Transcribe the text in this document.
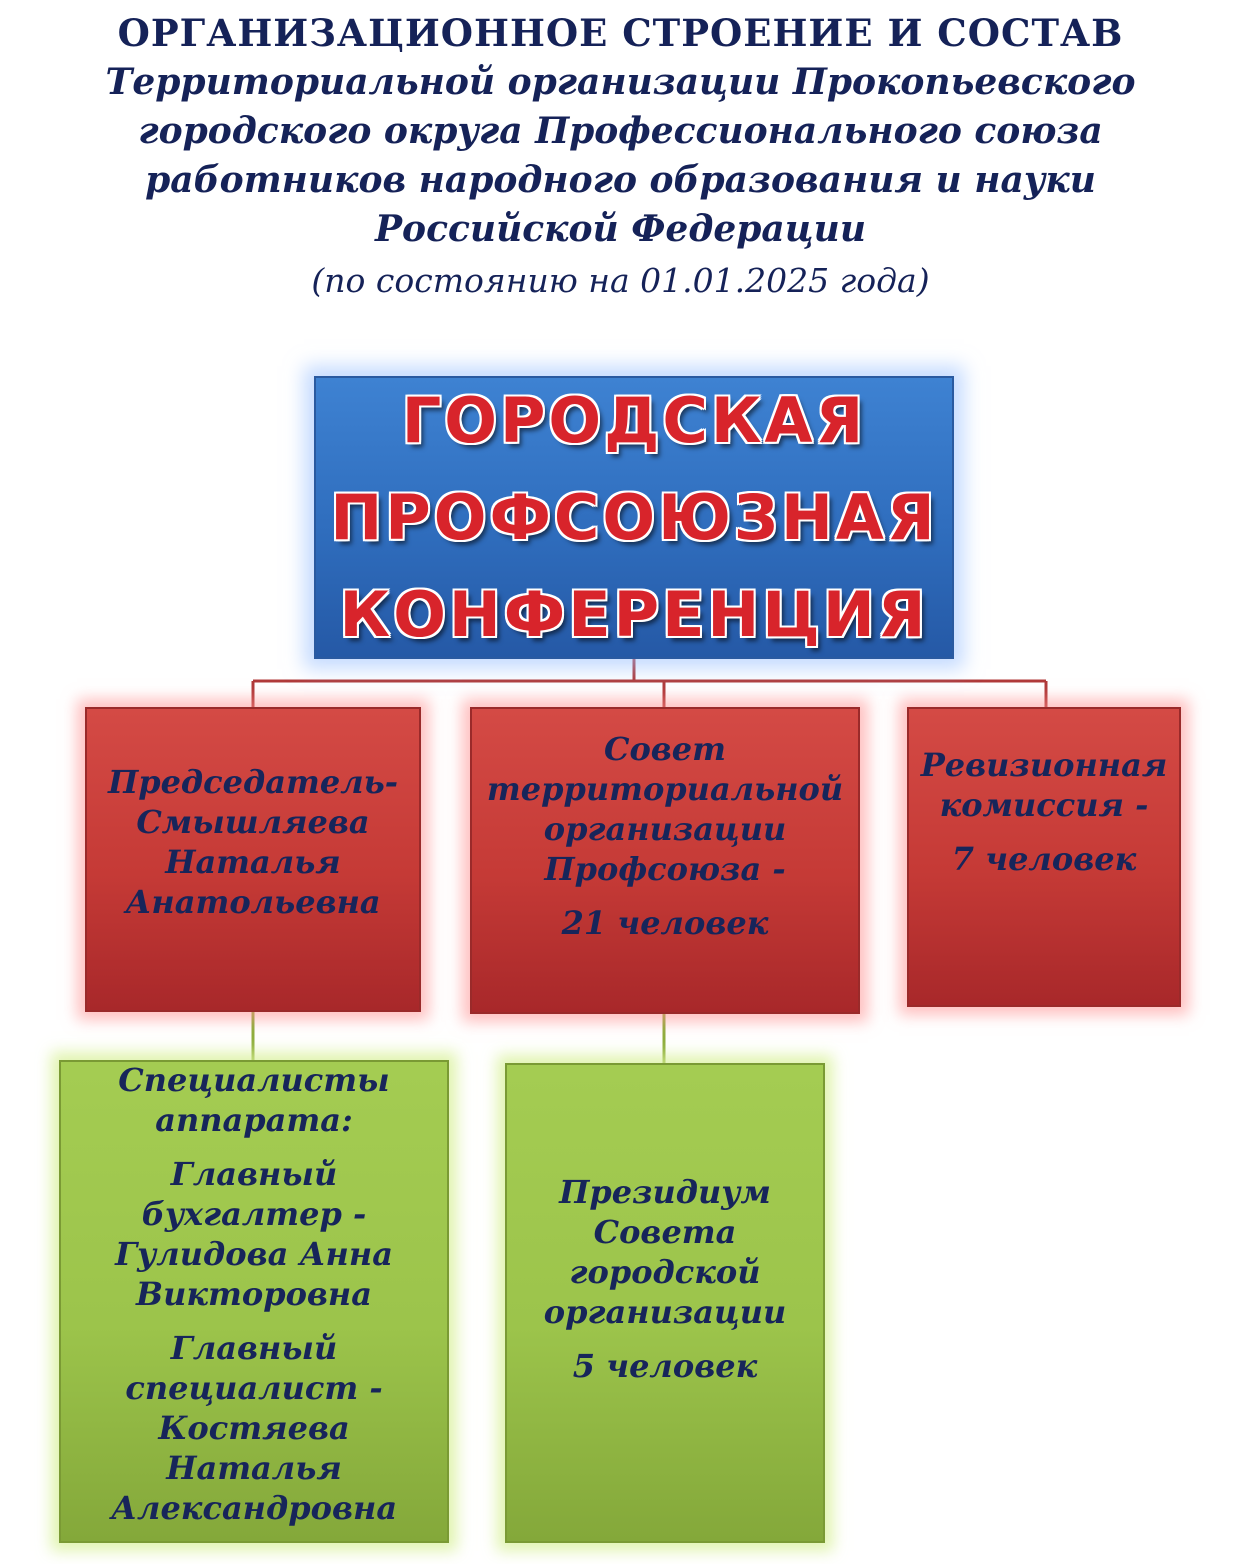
ОРГАНИЗАЦИОННОЕ СТРОЕНИЕ И СОСТАВ
Территориальной организации Прокопьевского
городского округа Профессионального союза
работников народного образования и науки
Российской Федерации
(по состоянию на 01.01.2025 года)
ГОРОДСКАЯ
ПРОФСОЮЗНАЯ
КОНФЕРЕНЦИЯ
Председатель-
Смышляева
Наталья
Анатольевна
Совет
территориальной
организации
Профсоюза -
21 человек
Ревизионная
комиссия -
7 человек
Специалисты
аппарата:
Главный
бухгалтер -
Гулидова Анна
Викторовна
Главный
специалист -
Костяева
Наталья
Александровна
Президиум
Совета
городской
организации
5 человек
